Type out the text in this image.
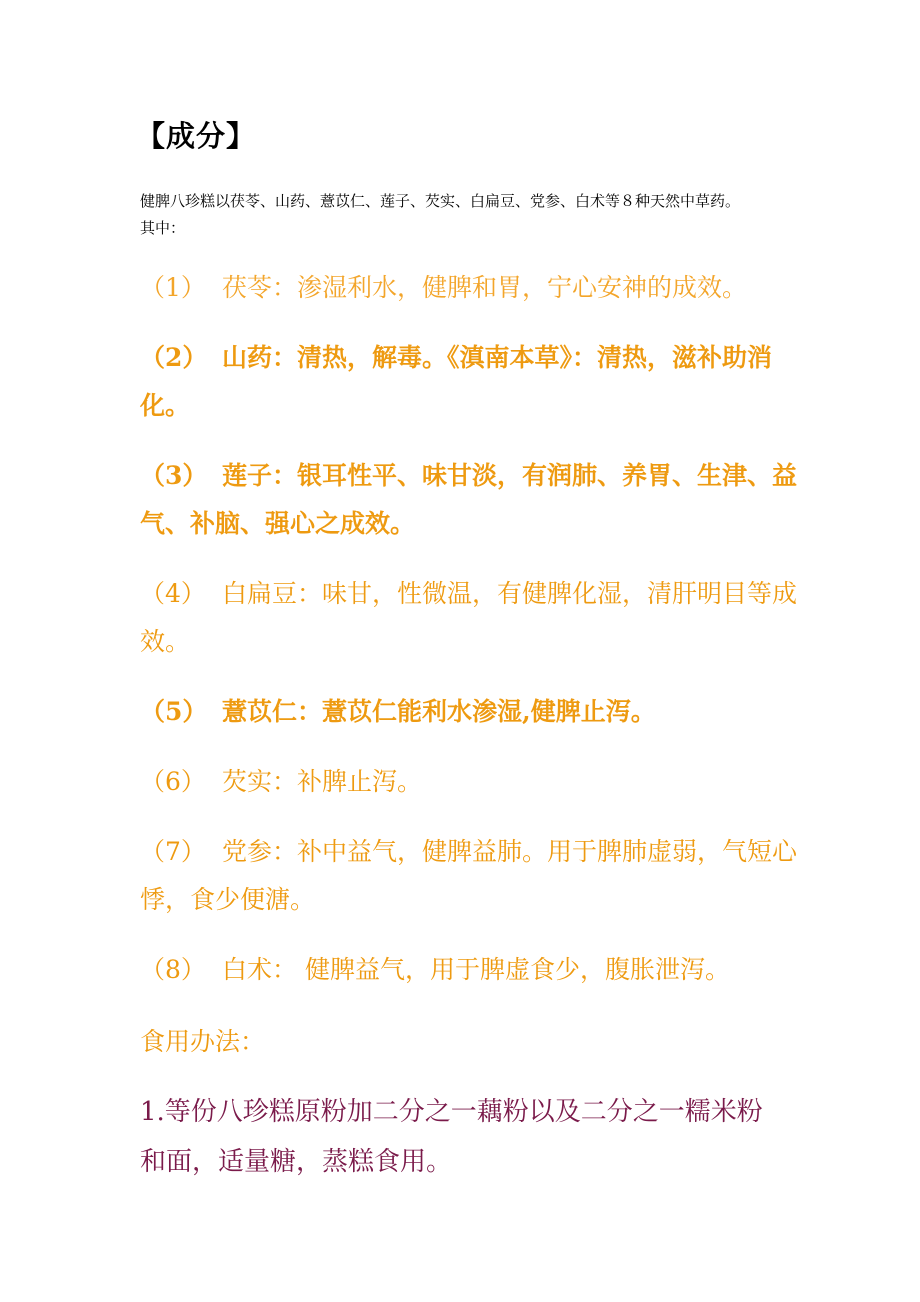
【成分】
健脾八珍糕以茯苓、山药、薏苡仁、莲子、芡实、白扁豆、党参、白术等８种天然中草药。
其中：
（1） 茯苓：渗湿利水，健脾和胃，宁心安神的成效。
（2） 山药：清热，解毒。《滇南本草》：清热，滋补助消化。
（3） 莲子：银耳性平、味甘淡，有润肺、养胃、生津、益气、补脑、强心之成效。
（4） 白扁豆：味甘，性微温，有健脾化湿，清肝明目等成效。
（5） 薏苡仁：薏苡仁能利水渗湿,健脾止泻。
（6） 芡实：补脾止泻。
（7） 党参：补中益气，健脾益肺。用于脾肺虚弱，气短心悸，食少便溏。
（8） 白术： 健脾益气，用于脾虚食少，腹胀泄泻。
食用办法：
1.等份八珍糕原粉加二分之一藕粉以及二分之一糯米粉和面，适量糖，蒸糕食用。
